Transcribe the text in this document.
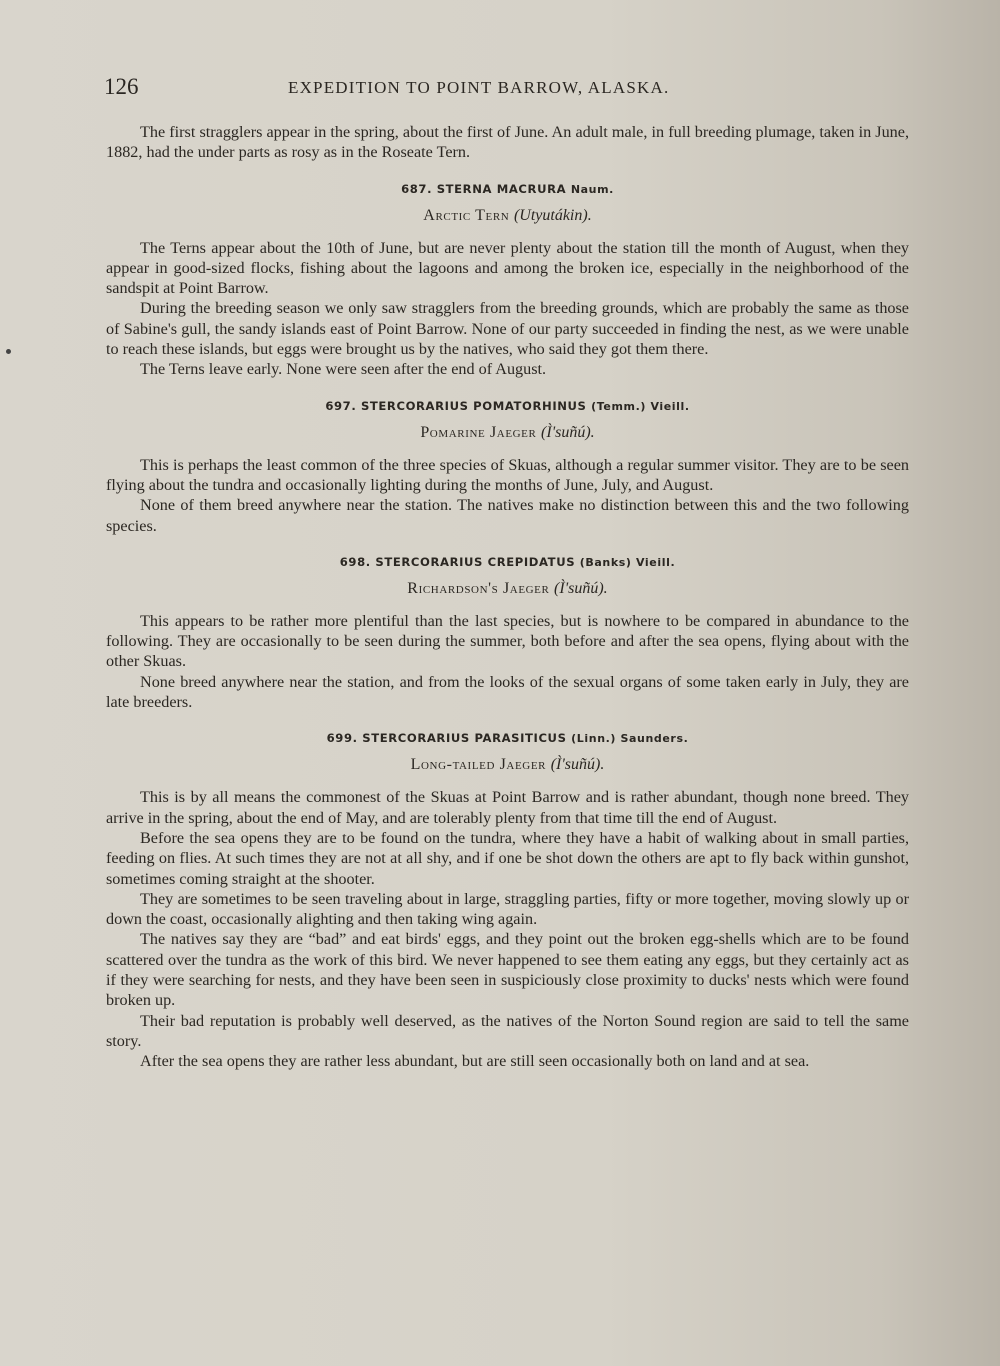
126	EXPEDITION TO POINT BARROW, ALASKA.

The first stragglers appear in the spring, about the first of June. An adult male, in full breeding plumage, taken in June, 1882, had the under parts as rosy as in the Roseate Tern.

687. STERNA MACRURA Naum.
Arctic Tern (Utyutákin).

The Terns appear about the 10th of June, but are never plenty about the station till the month of August, when they appear in good-sized flocks, fishing about the lagoons and among the broken ice, especially in the neighborhood of the sandspit at Point Barrow.

During the breeding season we only saw stragglers from the breeding grounds, which are probably the same as those of Sabine's gull, the sandy islands east of Point Barrow. None of our party succeeded in finding the nest, as we were unable to reach these islands, but eggs were brought us by the natives, who said they got them there.

The Terns leave early. None were seen after the end of August.

697. STERCORARIUS POMATORHINUS (Temm.) Vieill.
Pomarine Jaeger (Ì'suñú).

This is perhaps the least common of the three species of Skuas, although a regular summer visitor. They are to be seen flying about the tundra and occasionally lighting during the months of June, July, and August.

None of them breed anywhere near the station. The natives make no distinction between this and the two following species.

698. STERCORARIUS CREPIDATUS (Banks) Vieill.
Richardson's Jaeger (Ì'suñú).

This appears to be rather more plentiful than the last species, but is nowhere to be compared in abundance to the following. They are occasionally to be seen during the summer, both before and after the sea opens, flying about with the other Skuas.

None breed anywhere near the station, and from the looks of the sexual organs of some taken early in July, they are late breeders.

699. STERCORARIUS PARASITICUS (Linn.) Saunders.
Long-tailed Jaeger (Ì'suñú).

This is by all means the commonest of the Skuas at Point Barrow and is rather abundant, though none breed. They arrive in the spring, about the end of May, and are tolerably plenty from that time till the end of August.

Before the sea opens they are to be found on the tundra, where they have a habit of walking about in small parties, feeding on flies. At such times they are not at all shy, and if one be shot down the others are apt to fly back within gunshot, sometimes coming straight at the shooter.

They are sometimes to be seen traveling about in large, straggling parties, fifty or more together, moving slowly up or down the coast, occasionally alighting and then taking wing again.

The natives say they are “bad” and eat birds' eggs, and they point out the broken egg-shells which are to be found scattered over the tundra as the work of this bird. We never happened to see them eating any eggs, but they certainly act as if they were searching for nests, and they have been seen in suspiciously close proximity to ducks' nests which were found broken up.

Their bad reputation is probably well deserved, as the natives of the Norton Sound region are said to tell the same story.

After the sea opens they are rather less abundant, but are still seen occasionally both on land and at sea.
